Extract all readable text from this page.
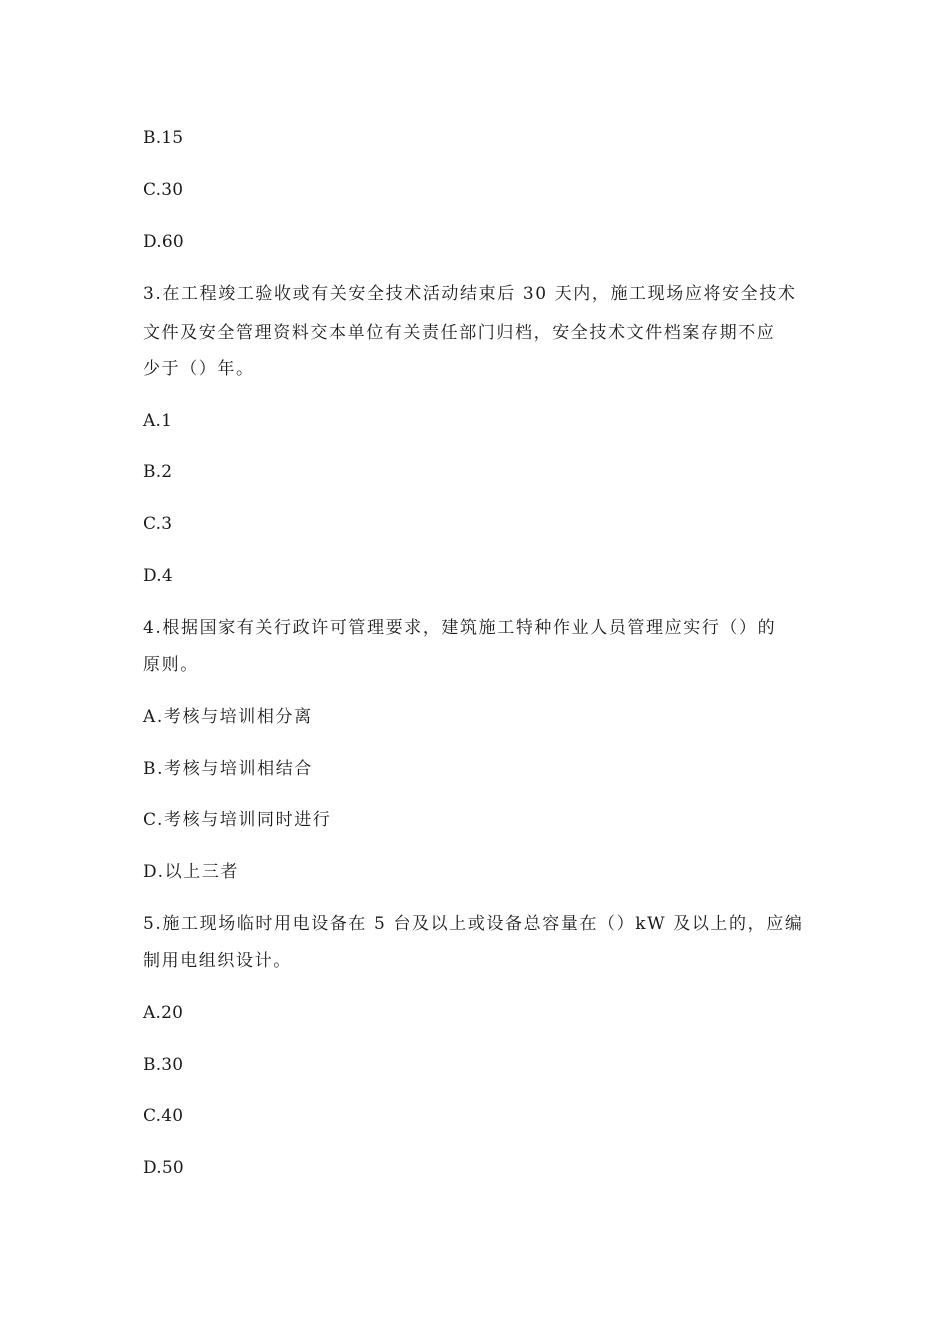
B.15
C.30
D.60
3.在工程竣工验收或有关安全技术活动结束后 30 天内，施工现场应将安全技术
文件及安全管理资料交本单位有关责任部门归档，安全技术文件档案存期不应
少于（）年。
A.1
B.2
C.3
D.4
4.根据国家有关行政许可管理要求，建筑施工特种作业人员管理应实行（）的
原则。
A.考核与培训相分离
B.考核与培训相结合
C.考核与培训同时进行
D.以上三者
5.施工现场临时用电设备在 5 台及以上或设备总容量在（）kW 及以上的，应编
制用电组织设计。
A.20
B.30
C.40
D.50
